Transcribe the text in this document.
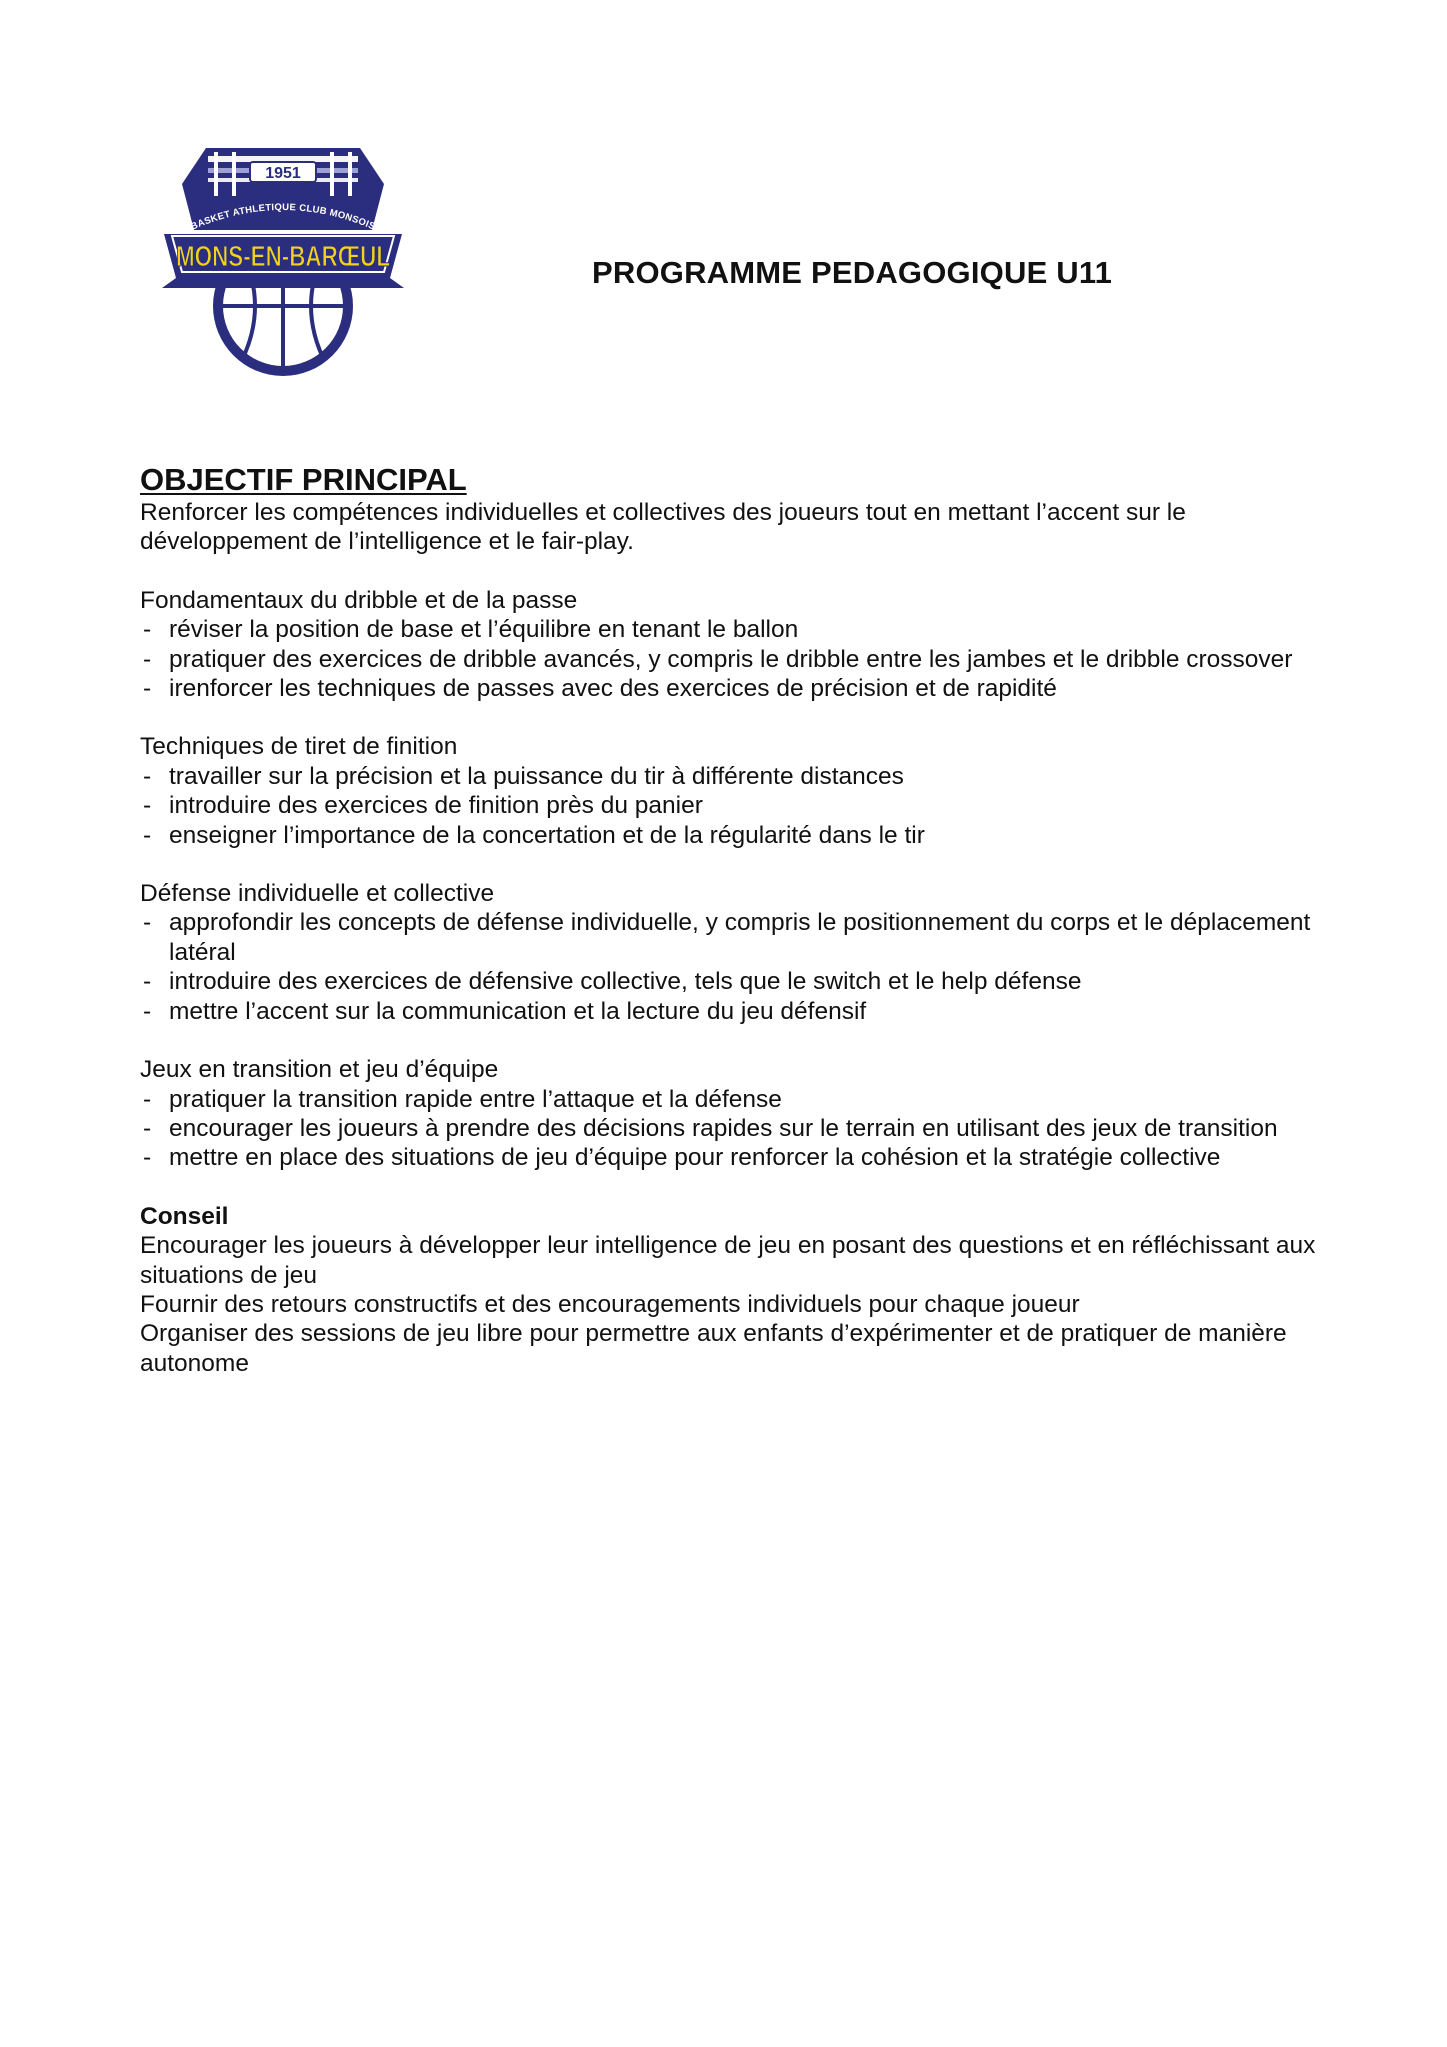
1951
BASKET ATHLETIQUE CLUB MONSOIS
MONS-EN-BARŒUL	PROGRAMME PEDAGOGIQUE U11
OBJECTIF PRINCIPAL

Renforcer les compétences individuelles et collectives des joueurs tout en mettant l’accent sur le développement de l’intelligence et le fair-play.

Fondamentaux du dribble et de la passe

- réviser la position de base et l’équilibre en tenant le ballon
- pratiquer des exercices de dribble avancés, y compris le dribble entre les jambes et le dribble crossover
- irenforcer les techniques de passes avec des exercices de précision et de rapidité

Techniques de tiret de finition

- travailler sur la précision et la puissance du tir à différente distances
- introduire des exercices de finition près du panier
- enseigner l’importance de la concertation et de la régularité dans le tir

Défense individuelle et collective

- approfondir les concepts de défense individuelle, y compris le positionnement du corps et le déplacement latéral
- introduire des exercices de défensive collective, tels que le switch et le help défense
- mettre l’accent sur la communication et la lecture du jeu défensif

Jeux en transition et jeu d’équipe

- pratiquer la transition rapide entre l’attaque et la défense
- encourager les joueurs à prendre des décisions rapides sur le terrain en utilisant des jeux de transition
- mettre en place des situations de jeu d’équipe pour renforcer la cohésion et la stratégie collective

Conseil

Encourager les joueurs à développer leur intelligence de jeu en posant des questions et en réfléchissant aux situations de jeu

Fournir des retours constructifs et des encouragements individuels pour chaque joueur

Organiser des sessions de jeu libre pour permettre aux enfants d’expérimenter et de pratiquer de manière autonome
